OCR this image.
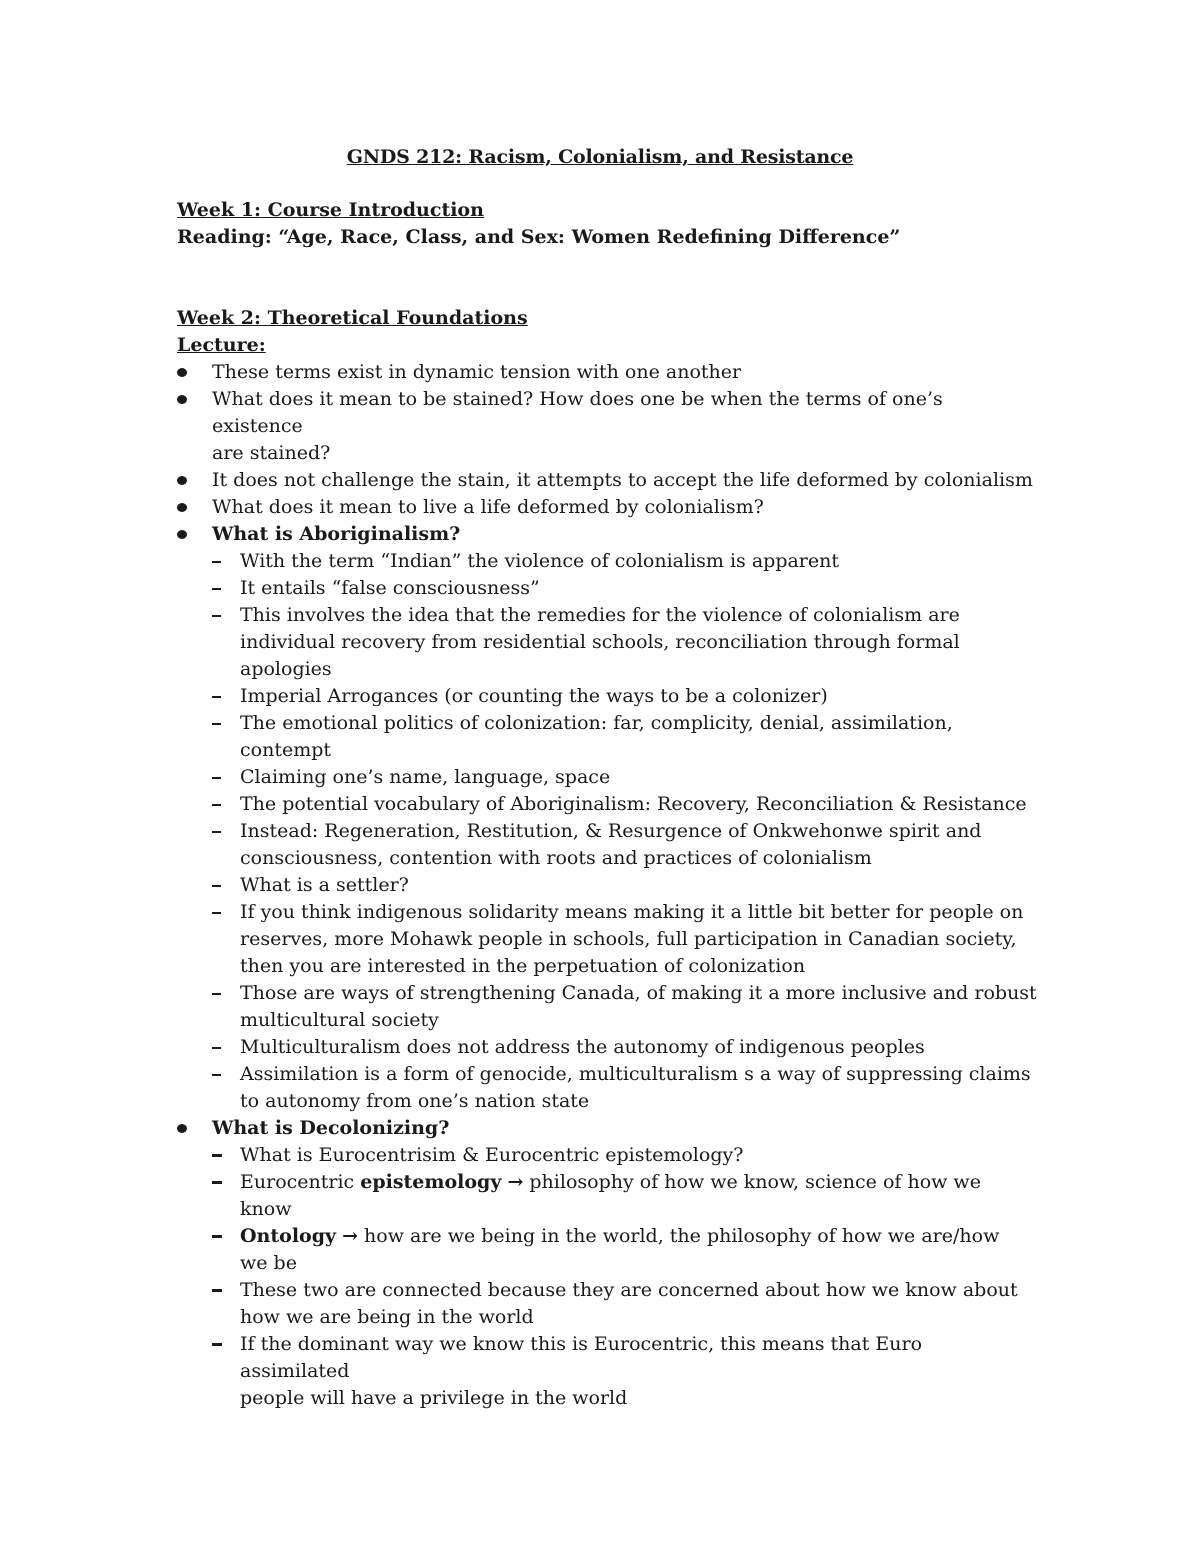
GNDS 212: Racism, Colonialism, and Resistance
Week 1: Course Introduction
Reading: “Age, Race, Class, and Sex: Women Redefining Difference”
Week 2: Theoretical Foundations
Lecture:
These terms exist in dynamic tension with one another
What does it mean to be stained? How does one be when the terms of one’s existence
are stained?
It does not challenge the stain, it attempts to accept the life deformed by colonialism
What does it mean to live a life deformed by colonialism?
What is Aboriginalism?
With the term “Indian” the violence of colonialism is apparent
It entails “false consciousness”
This involves the idea that the remedies for the violence of colonialism are
individual recovery from residential schools, reconciliation through formal
apologies
Imperial Arrogances (or counting the ways to be a colonizer)
The emotional politics of colonization: far, complicity, denial, assimilation,
contempt
Claiming one’s name, language, space
The potential vocabulary of Aboriginalism: Recovery, Reconciliation & Resistance
Instead: Regeneration, Restitution, & Resurgence of Onkwehonwe spirit and
consciousness, contention with roots and practices of colonialism
What is a settler?
If you think indigenous solidarity means making it a little bit better for people on
reserves, more Mohawk people in schools, full participation in Canadian society,
then you are interested in the perpetuation of colonization
Those are ways of strengthening Canada, of making it a more inclusive and robust
multicultural society
Multiculturalism does not address the autonomy of indigenous peoples
Assimilation is a form of genocide, multiculturalism s a way of suppressing claims
to autonomy from one’s nation state
What is Decolonizing?
What is Eurocentrisim & Eurocentric epistemology?
Eurocentric epistemology → philosophy of how we know, science of how we
know
Ontology → how are we being in the world, the philosophy of how we are/how
we be
These two are connected because they are concerned about how we know about
how we are being in the world
If the dominant way we know this is Eurocentric, this means that Euro assimilated
people will have a privilege in the world
